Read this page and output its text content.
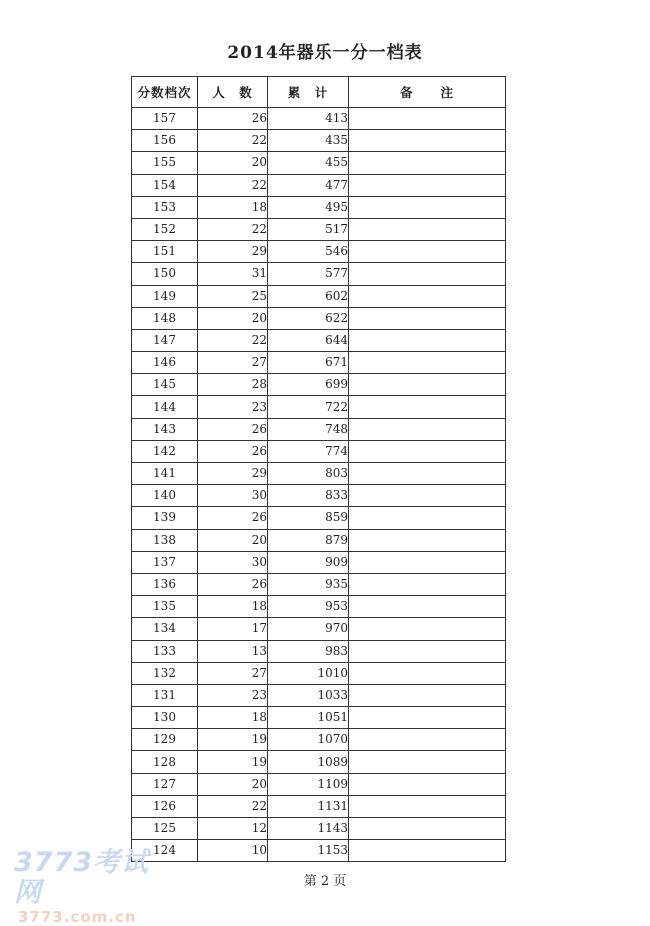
2014年器乐一分一档表
分数档次	人　数	累　计	备　　注
157	26	413	
156	22	435	
155	20	455	
154	22	477	
153	18	495	
152	22	517	
151	29	546	
150	31	577	
149	25	602	
148	20	622	
147	22	644	
146	27	671	
145	28	699	
144	23	722	
143	26	748	
142	26	774	
141	29	803	
140	30	833	
139	26	859	
138	20	879	
137	30	909	
136	26	935	
135	18	953	
134	17	970	
133	13	983	
132	27	1010	
131	23	1033	
130	18	1051	
129	19	1070	
128	19	1089	
127	20	1109	
126	22	1131	
125	12	1143	
124	10	1153	
第 2 页
3773考试网
3773.com.cn
